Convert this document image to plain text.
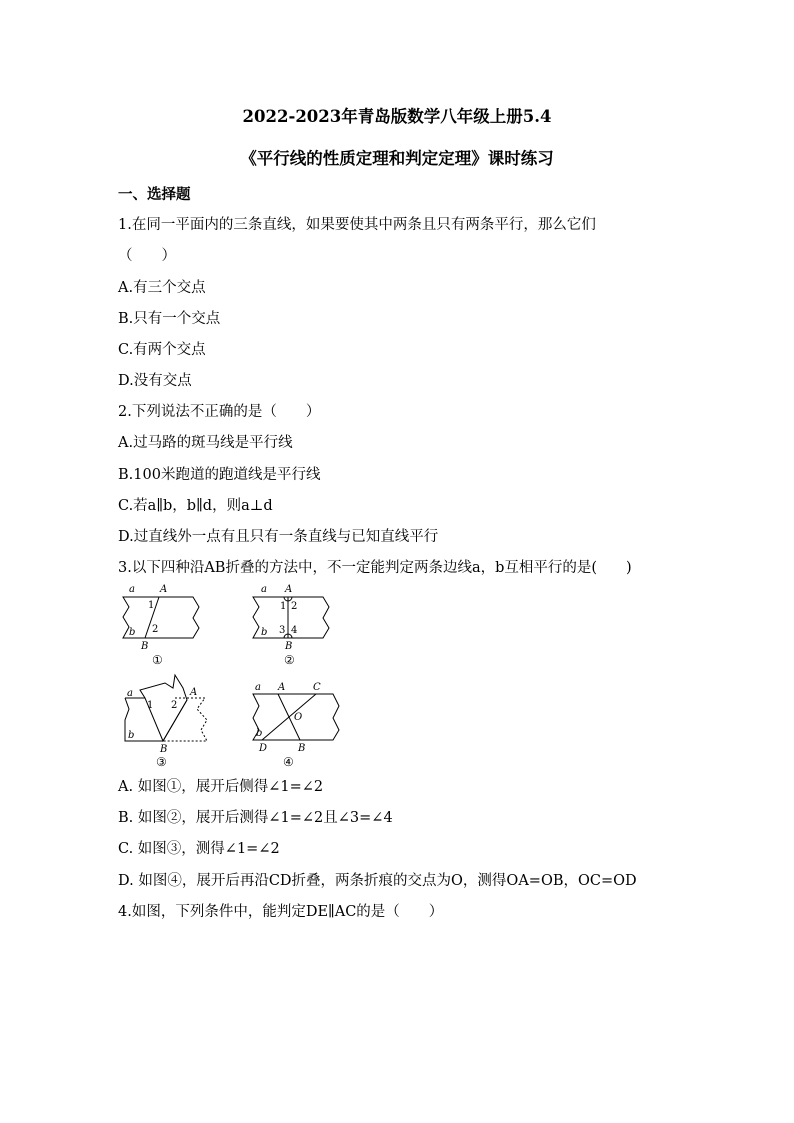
2022-2023年青岛版数学八年级上册5.4
《平行线的性质定理和判定定理》课时练习
一、选择题
1.在同一平面内的三条直线，如果要使其中两条且只有两条平行，那么它们
（　　）
A.有三个交点
B.只有一个交点
C.有两个交点
D.没有交点
2.下列说法不正确的是（　　）
A.过马路的斑马线是平行线
B.100米跑道的跑道线是平行线
C.若a∥b，b∥d，则a⊥d
D.过直线外一点有且只有一条直线与已知直线平行
3.以下四种沿AB折叠的方法中，不一定能判定两条边线a，b互相平行的是(　　)
a	A
1
b 2
B
①
a A
1 2
b 3 4
B
②
a	A
1 2
b
B
③
a A	C
O
b
D	B
④
A. 如图①，展开后侧得∠1=∠2
B. 如图②，展开后测得∠1=∠2且∠3=∠4
C. 如图③，测得∠1=∠2
D. 如图④，展开后再沿CD折叠，两条折痕的交点为O，测得OA=OB，OC=OD
4.如图，下列条件中，能判定DE∥AC的是（　　）
